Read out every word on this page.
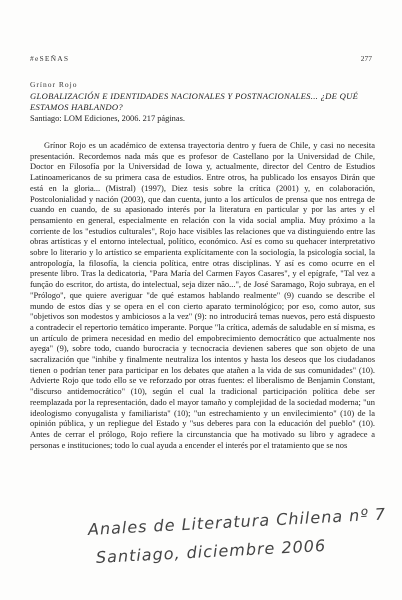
#eSEÑAS	277
Grínor Rojo
GLOBALIZACIÓN E IDENTIDADES NACIONALES Y POSTNACIONALES... ¿DE QUÉ ESTAMOS HABLANDO?
Santiago: LOM Ediciones, 2006. 217 páginas.
Grínor Rojo es un académico de extensa trayectoria dentro y fuera de Chile, y casi no necesita presentación. Recordemos nada más que es profesor de Castellano por la Universidad de Chile, Doctor en Filosofía por la Universidad de Iowa y, actualmente, director del Centro de Estudios Latinoamericanos de su primera casa de estudios. Entre otros, ha publicado los ensayos Dirán que está en la gloria... (Mistral) (1997), Diez tesis sobre la crítica (2001) y, en colaboración, Postcolonialidad y nación (2003), que dan cuenta, junto a los artículos de prensa que nos entrega de cuando en cuando, de su apasionado interés por la literatura en particular y por las artes y el pensamiento en general, especialmente en relación con la vida social amplia. Muy próximo a la corriente de los "estudios culturales", Rojo hace visibles las relaciones que va distinguiendo entre las obras artísticas y el entorno intelectual, político, económico. Así es como su quehacer interpretativo sobre lo literario y lo artístico se emparienta explícitamente con la sociología, la psicología social, la antropología, la filosofía, la ciencia política, entre otras disciplinas. Y así es como ocurre en el presente libro. Tras la dedicatoria, "Para María del Carmen Fayos Casares", y el epígrafe, "Tal vez a função do escritor, do artista, do intelectual, seja dizer não...", de José Saramago, Rojo subraya, en el "Prólogo", que quiere averiguar "de qué estamos hablando realmente" (9) cuando se describe el mundo de estos días y se opera en el con cierto aparato terminológico; por eso, como autor, sus "objetivos son modestos y ambiciosos a la vez" (9): no introducirá temas nuevos, pero está dispuesto a contradecir el repertorio temático imperante. Porque "la crítica, además de saludable en sí misma, es un artículo de primera necesidad en medio del empobrecimiento democrático que actualmente nos ayega" (9), sobre todo, cuando burocracia y tecnocracia devienen saberes que son objeto de una sacralización que "inhibe y finalmente neutraliza los intentos y hasta los deseos que los ciudadanos tienen o podrían tener para participar en los debates que atañen a la vida de sus comunidades" (10). Advierte Rojo que todo ello se ve reforzado por otras fuentes: el liberalismo de Benjamin Constant, "discurso antidemocrático" (10), según el cual la tradicional participación política debe ser reemplazada por la representación, dado el mayor tamaño y complejidad de la sociedad moderna; "un ideologismo conyugalista y familiarista" (10); "un estrechamiento y un envilecimiento" (10) de la opinión pública, y un repliegue del Estado y "sus deberes para con la educación del pueblo" (10). Antes de cerrar el prólogo, Rojo refiere la circunstancia que ha motivado su libro y agradece a personas e instituciones; todo lo cual ayuda a encender el interés por el tratamiento que se nos
Anales de Literatura Chilena nº 7
Santiago, diciembre 2006
